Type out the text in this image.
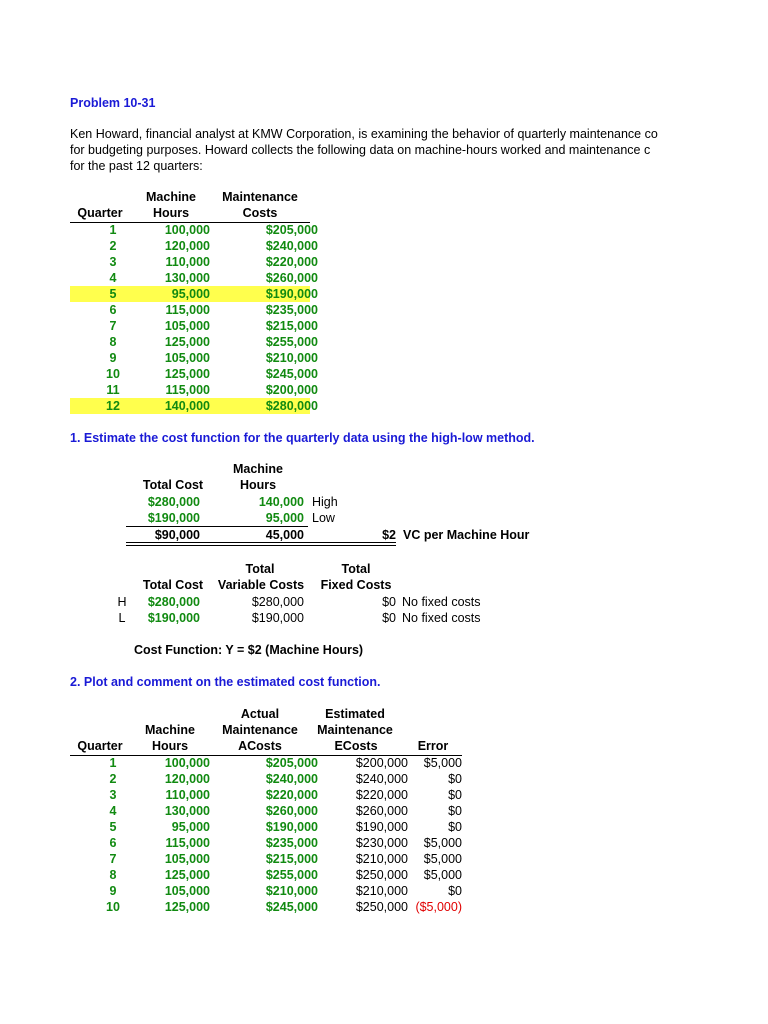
Problem 10-31
Ken Howard, financial analyst at KMW Corporation, is examining the behavior of quarterly maintenance co
for budgeting purposes. Howard collects the following data on machine-hours worked and maintenance c
for the past 12 quarters:
Machine	Maintenance
Quarter	Hours	Costs
1	100,000	$205,000
2	120,000	$240,000
3	110,000	$220,000
4	130,000	$260,000
5	95,000	$190,000
6	115,000	$235,000
7	105,000	$215,000
8	125,000	$255,000
9	105,000	$210,000
10	125,000	$245,000
11	115,000	$200,000
12	140,000	$280,000
1. Estimate the cost function for the quarterly data using the high-low method.
Machine
Total Cost	Hours
$280,000	140,000 High
$190,000	95,000 Low
$90,000	45,000	$2 VC per Machine Hour
Total	Total
Total Cost	Variable Costs	Fixed Costs
H	$280,000	$280,000	$0 No fixed costs
L	$190,000	$190,000	$0 No fixed costs
Cost Function: Y = $2 (Machine Hours)
2. Plot and comment on the estimated cost function.
Actual	Estimated
Machine	Maintenance	Maintenance
Quarter	Hours	ACosts	ECosts	Error
1	100,000	$205,000	$200,000	$5,000
2	120,000	$240,000	$240,000	$0
3	110,000	$220,000	$220,000	$0
4	130,000	$260,000	$260,000	$0
5	95,000	$190,000	$190,000	$0
6	115,000	$235,000	$230,000	$5,000
7	105,000	$215,000	$210,000	$5,000
8	125,000	$255,000	$250,000	$5,000
9	105,000	$210,000	$210,000	$0
10	125,000	$245,000	$250,000	($5,000)
